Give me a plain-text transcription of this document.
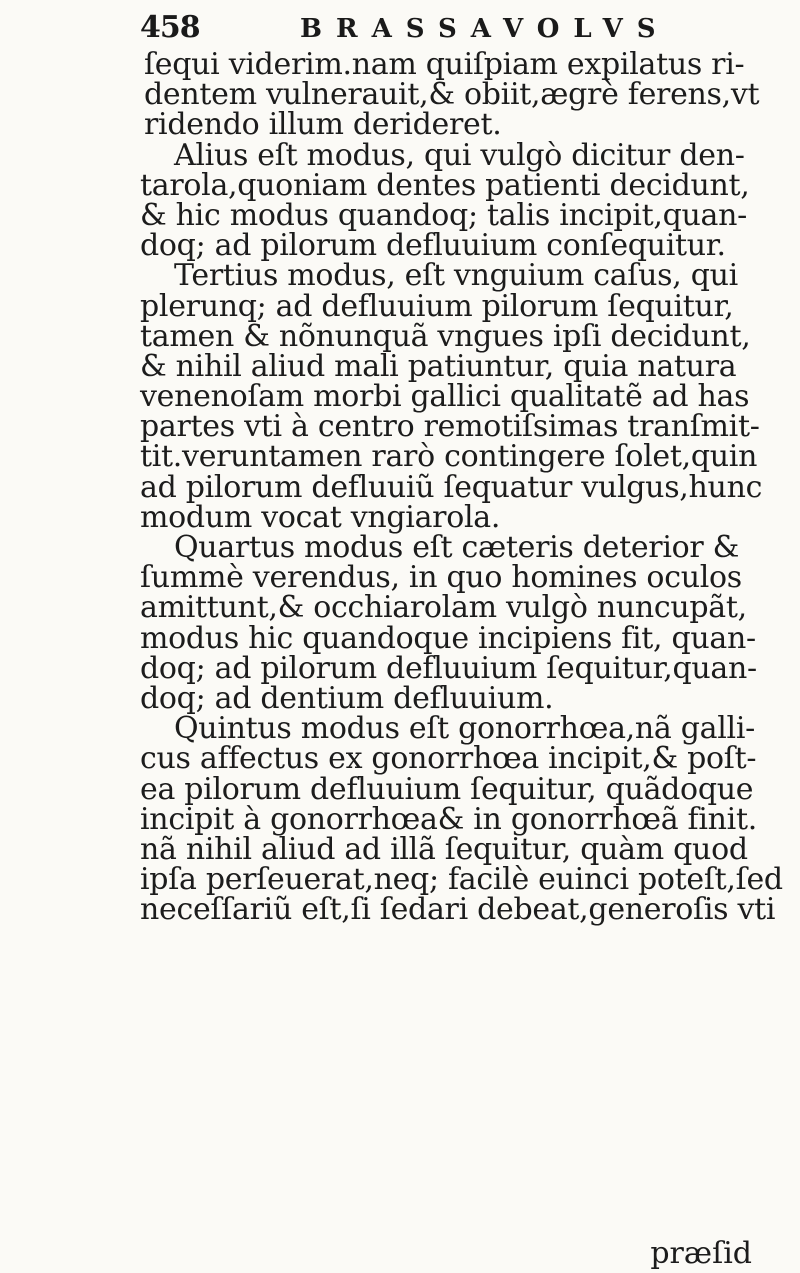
458	BRASSAVOLVS
ſequi viderim.nam quiſpiam expilatus ri-
dentem vulnerauit,& obiit,ægrè ferens,vt
ridendo illum derideret.
Alius eſt modus, qui vulgò dicitur den-
tarola,quoniam dentes patienti decidunt,
& hic modus quandoq; talis incipit,quan-
doq; ad pilorum defluuium conſequitur.
Tertius modus, eſt vnguium caſus, qui
plerunq; ad defluuium pilorum ſequitur,
tamen & nõnunquã vngues ipſi decidunt,
& nihil aliud mali patiuntur, quia natura
venenoſam morbi gallici qualitatẽ ad has
partes vti à centro remotiſsimas tranſmit-
tit.veruntamen rarò contingere ſolet,quin
ad pilorum defluuiũ ſequatur vulgus,hunc
modum vocat vngiarola.
Quartus modus eſt cæteris deterior &
ſummè verendus, in quo homines oculos
amittunt,& occhiarolam vulgò nuncupãt,
modus hic quandoque incipiens fit, quan-
doq; ad pilorum defluuium ſequitur,quan-
doq; ad dentium defluuium.
Quintus modus eſt gonorrhœa,nã galli-
cus affectus ex gonorrhœa incipit,& poſt-
ea pilorum defluuium ſequitur, quãdoque
incipit à gonorrhœa& in gonorrhœã finit.
nã nihil aliud ad illã ſequitur, quàm quod
ipſa perſeuerat,neq; facilè euinci poteſt,ſed
neceſſariũ eſt,ſi ſedari debeat,generoſis vti
præſid
